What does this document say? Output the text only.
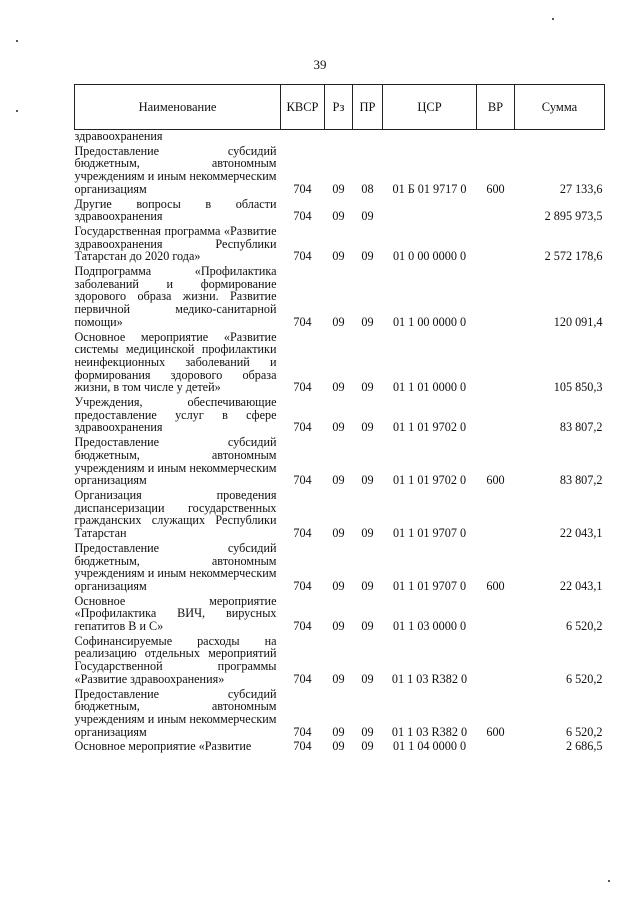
39
Наименование	КВСР	Рз	ПР	ЦСР	ВР	Сумма
здравоохранения						
Предоставление субсидий бюджетным, автономным учреждениям и иным некоммерческим организациям	704	09	08	01 Б 01 9717 0	600	27 133,6
Другие вопросы в области здравоохранения	704	09	09			2 895 973,5
Государственная программа «Развитие здравоохранения Республики Татарстан до 2020 года»	704	09	09	01 0 00 0000 0		2 572 178,6
Подпрограмма «Профилактика заболеваний и формирование здорового образа жизни. Развитие первичной медико-санитарной помощи»	704	09	09	01 1 00 0000 0		120 091,4
Основное мероприятие «Развитие системы медицинской профилактики неинфекционных заболеваний и формирования здорового образа жизни, в том числе у детей»	704	09	09	01 1 01 0000 0		105 850,3
Учреждения, обеспечивающие предоставление услуг в сфере здравоохранения	704	09	09	01 1 01 9702 0		83 807,2
Предоставление субсидий бюджетным, автономным учреждениям и иным некоммерческим организациям	704	09	09	01 1 01 9702 0	600	83 807,2
Организация проведения диспансеризации государственных гражданских служащих Республики Татарстан	704	09	09	01 1 01 9707 0		22 043,1
Предоставление субсидий бюджетным, автономным учреждениям и иным некоммерческим организациям	704	09	09	01 1 01 9707 0	600	22 043,1
Основное мероприятие «Профилактика ВИЧ, вирусных гепатитов В и С»	704	09	09	01 1 03 0000 0		6 520,2
Софинансируемые расходы на реализацию отдельных мероприятий Государственной программы «Развитие здравоохранения»	704	09	09	01 1 03 R382 0		6 520,2
Предоставление субсидий бюджетным, автономным учреждениям и иным некоммерческим организациям	704	09	09	01 1 03 R382 0	600	6 520,2
Основное мероприятие «Развитие	704	09	09	01 1 04 0000 0		2 686,5
